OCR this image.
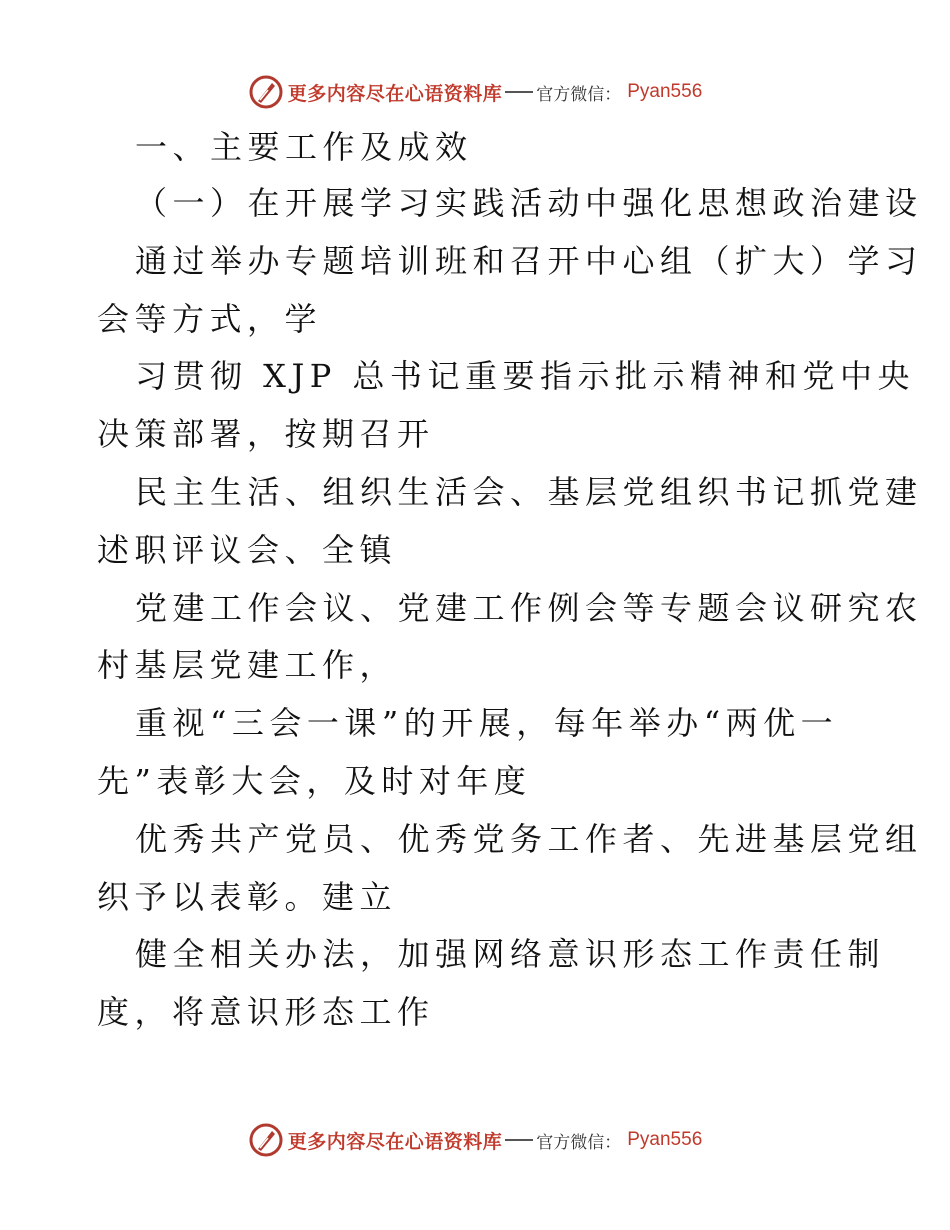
更多内容尽在心语资料库 官方微信： Pyan556
一、主要工作及成效
（一）在开展学习实践活动中强化思想政治建设
通过举办专题培训班和召开中心组（扩大）学习
会等方式，学
习贯彻 XJP 总书记重要指示批示精神和党中央
决策部署，按期召开
民主生活、组织生活会、基层党组织书记抓党建
述职评议会、全镇
党建工作会议、党建工作例会等专题会议研究农
村基层党建工作，
重视“三会一课”的开展，每年举办“两优一
先”表彰大会，及时对年度
优秀共产党员、优秀党务工作者、先进基层党组
织予以表彰。建立
健全相关办法，加强网络意识形态工作责任制
度，将意识形态工作
更多内容尽在心语资料库 官方微信： Pyan556
